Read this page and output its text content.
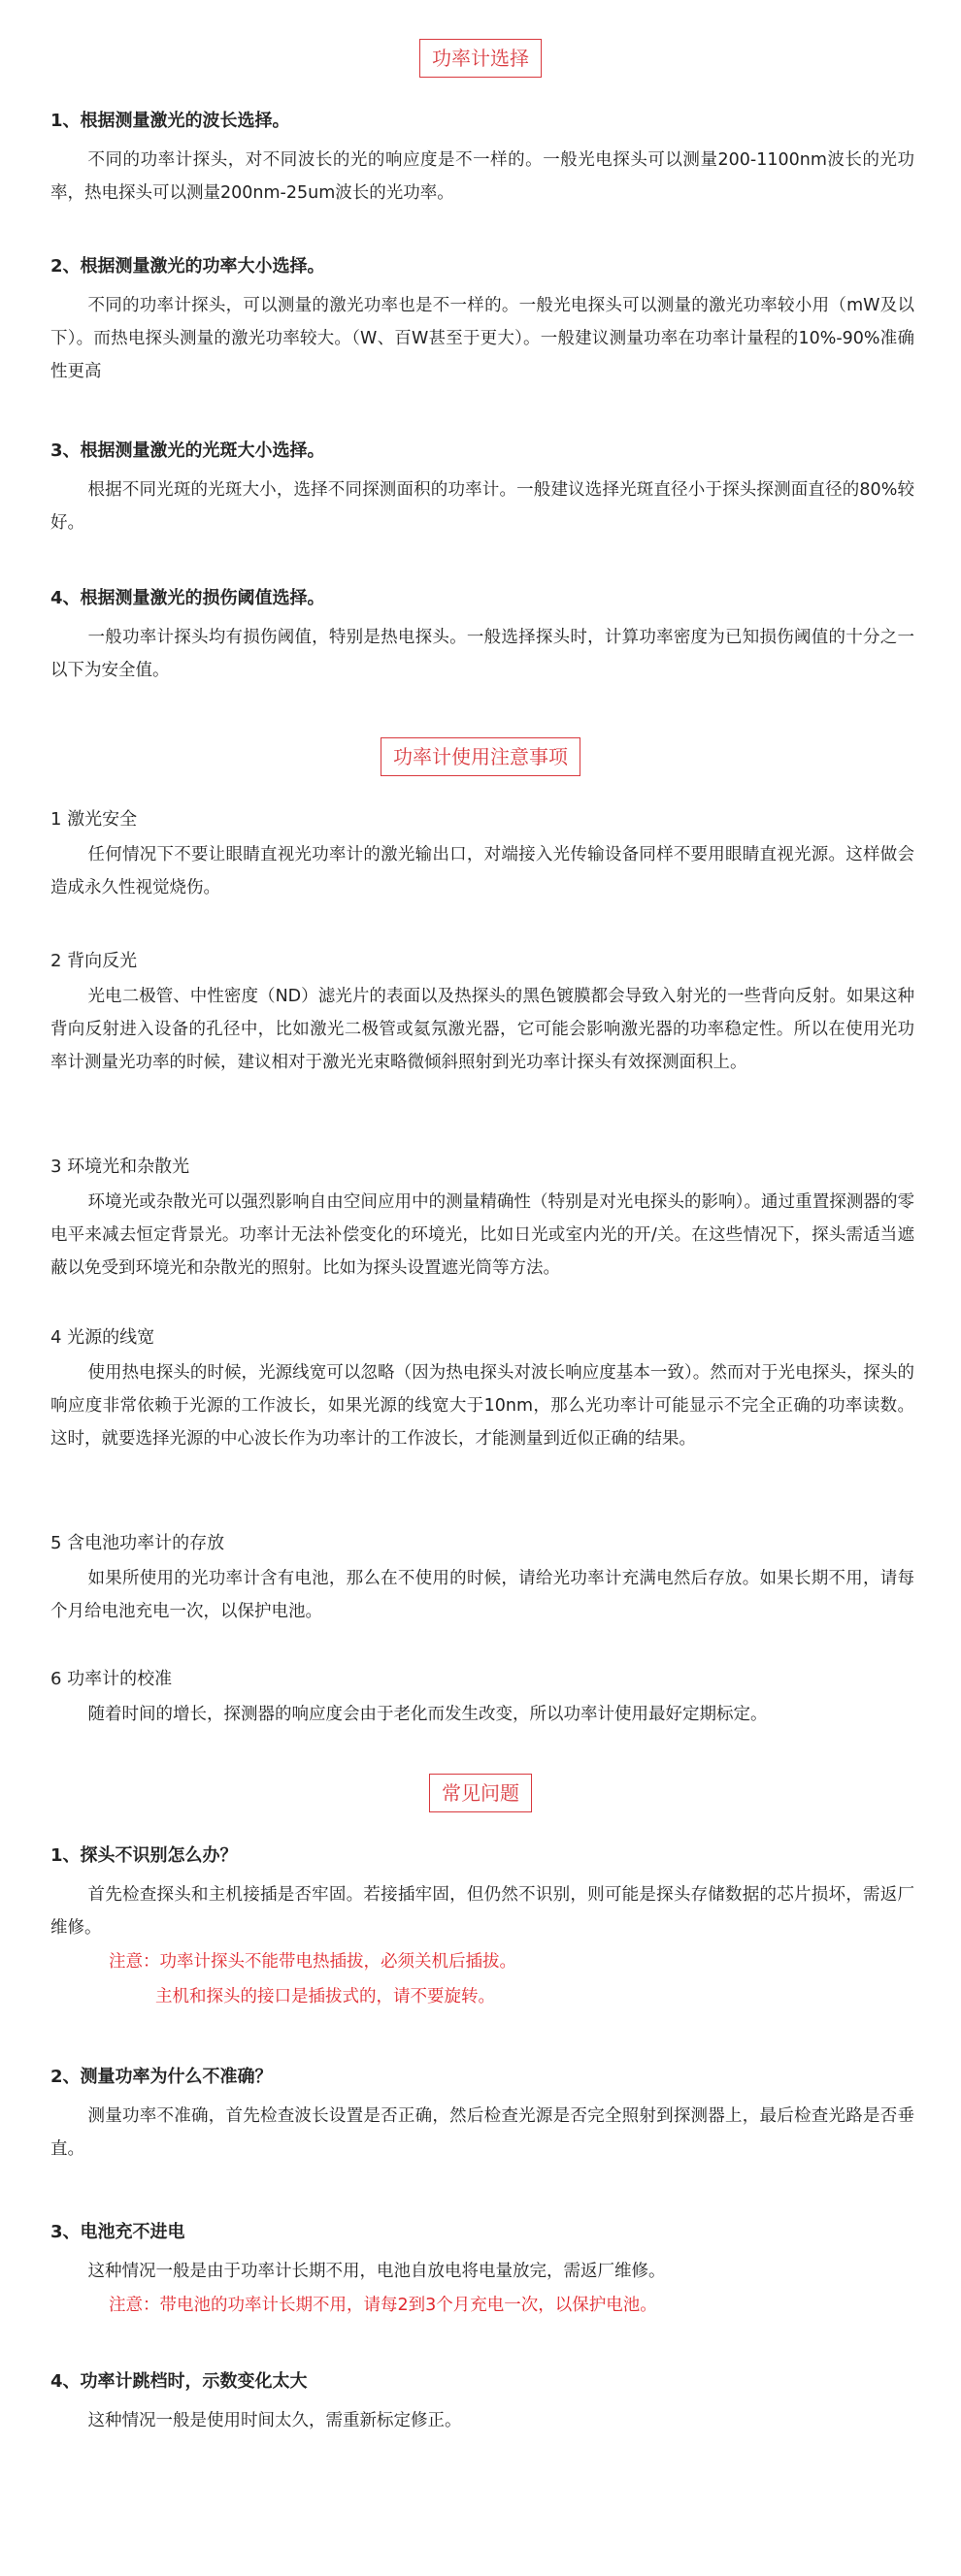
功率计选择

1、根据测量激光的波长选择。

不同的功率计探头，对不同波长的光的响应度是不一样的。一般光电探头可以测量200-1100nm波长的光功率，热电探头可以测量200nm-25um波长的光功率。

2、根据测量激光的功率大小选择。

不同的功率计探头，可以测量的激光功率也是不一样的。一般光电探头可以测量的激光功率较小用（mW及以下）。而热电探头测量的激光功率较大。（W、百W甚至于更大）。一般建议测量功率在功率计量程的10%-90%准确性更高

3、根据测量激光的光斑大小选择。

根据不同光斑的光斑大小，选择不同探测面积的功率计。一般建议选择光斑直径小于探头探测面直径的80%较好。

4、根据测量激光的损伤阈值选择。

一般功率计探头均有损伤阈值，特别是热电探头。一般选择探头时，计算功率密度为已知损伤阈值的十分之一以下为安全值。

功率计使用注意事项

1 激光安全

任何情况下不要让眼睛直视光功率计的激光输出口，对端接入光传输设备同样不要用眼睛直视光源。这样做会造成永久性视觉烧伤。

2 背向反光

光电二极管、中性密度（ND）滤光片的表面以及热探头的黑色镀膜都会导致入射光的一些背向反射。如果这种背向反射进入设备的孔径中，比如激光二极管或氦氖激光器，它可能会影响激光器的功率稳定性。所以在使用光功率计测量光功率的时候，建议相对于激光光束略微倾斜照射到光功率计探头有效探测面积上。

3 环境光和杂散光

环境光或杂散光可以强烈影响自由空间应用中的测量精确性（特别是对光电探头的影响）。通过重置探测器的零电平来减去恒定背景光。功率计无法补偿变化的环境光，比如日光或室内光的开/关。在这些情况下，探头需适当遮蔽以免受到环境光和杂散光的照射。比如为探头设置遮光筒等方法。

4 光源的线宽

使用热电探头的时候，光源线宽可以忽略（因为热电探头对波长响应度基本一致）。然而对于光电探头，探头的响应度非常依赖于光源的工作波长，如果光源的线宽大于10nm，那么光功率计可能显示不完全正确的功率读数。这时，就要选择光源的中心波长作为功率计的工作波长，才能测量到近似正确的结果。

5 含电池功率计的存放

如果所使用的光功率计含有电池，那么在不使用的时候，请给光功率计充满电然后存放。如果长期不用，请每个月给电池充电一次，以保护电池。

6 功率计的校准

随着时间的增长，探测器的响应度会由于老化而发生改变，所以功率计使用最好定期标定。

常见问题

1、探头不识别怎么办？

首先检查探头和主机接插是否牢固。若接插牢固，但仍然不识别，则可能是探头存储数据的芯片损坏，需返厂维修。

注意：功率计探头不能带电热插拔，必须关机后插拔。
主机和探头的接口是插拔式的，请不要旋转。

2、测量功率为什么不准确？

测量功率不准确，首先检查波长设置是否正确，然后检查光源是否完全照射到探测器上，最后检查光路是否垂直。

3、电池充不进电

这种情况一般是由于功率计长期不用，电池自放电将电量放完，需返厂维修。

注意：带电池的功率计长期不用，请每2到3个月充电一次，以保护电池。

4、功率计跳档时，示数变化太大

这种情况一般是使用时间太久，需重新标定修正。
